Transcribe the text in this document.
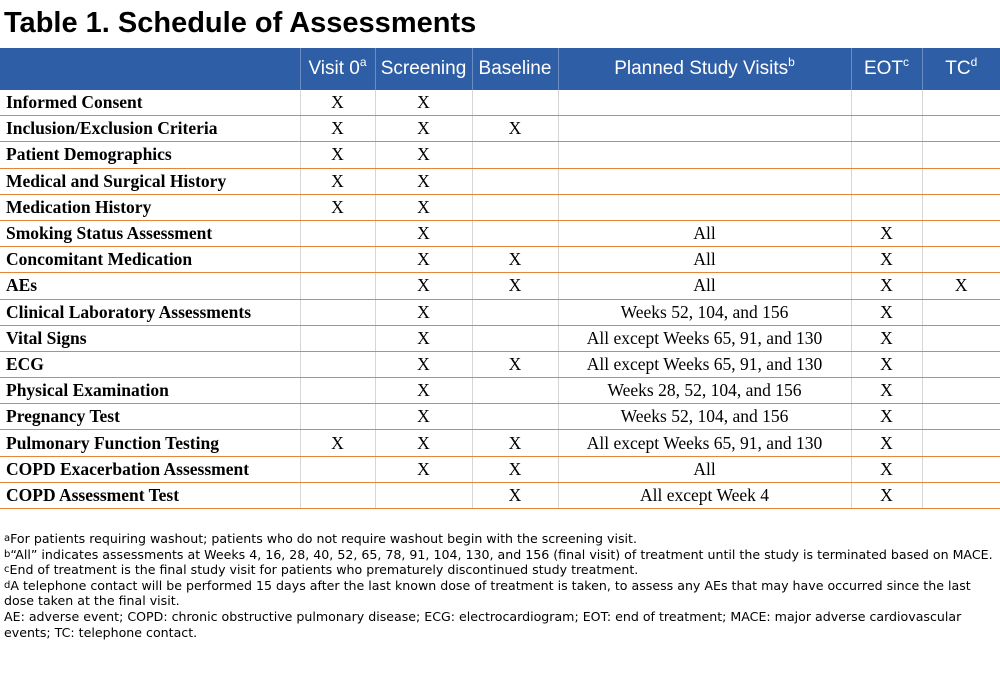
Table 1. Schedule of Assessments
	Visit 0$^a$	Screening	Baseline	Planned Study Visits$^b$	EOT$^c$	$TC^d$
Informed Consent	X	X				
Inclusion/Exclusion Criteria	X	X	X			
Patient Demographics	X	X				
Medical and Surgical History	X	X				
Medication History	X	X				
Smoking Status Assessment		X		All	X	
Concomitant Medication		X	X	All	X	
AEs		X	X	All	X	X
Clinical Laboratory Assessments		X		Weeks 52, 104, and 156	X	
Vital Signs		X		All except Weeks 65, 91, and 130	X	
ECG		X	X	All except Weeks 65, 91, and 130	X	
Physical Examination		X		Weeks 28, 52, 104, and 156	X	
Pregnancy Test		X		Weeks 52, 104, and 156	X	
Pulmonary Function Testing	X	X	X	All except Weeks 65, 91, and 130	X	
COPD Exacerbation Assessment		X	X	All	X	
COPD Assessment Test			X	All except Week 4	X	

$^a$For patients requiring washout; patients who do not require washout begin with the screening visit.

$^b$“All” indicates assessments at Weeks 4, 16, 28, 40, 52, 65, 78, 91, 104, 130, and 156 (final visit) of treatment until the study is terminated based on MACE.

$^c$End of treatment is the final study visit for patients who prematurely discontinued study treatment.

$^d$A telephone contact will be performed 15 days after the last known dose of treatment is taken, to assess any AEs that may have occurred since the last dose taken at the final visit.

AE: adverse event; COPD: chronic obstructive pulmonary disease; ECG: electrocardiogram; EOT: end of treatment; MACE: major adverse cardiovascular events; TC: telephone contact.
